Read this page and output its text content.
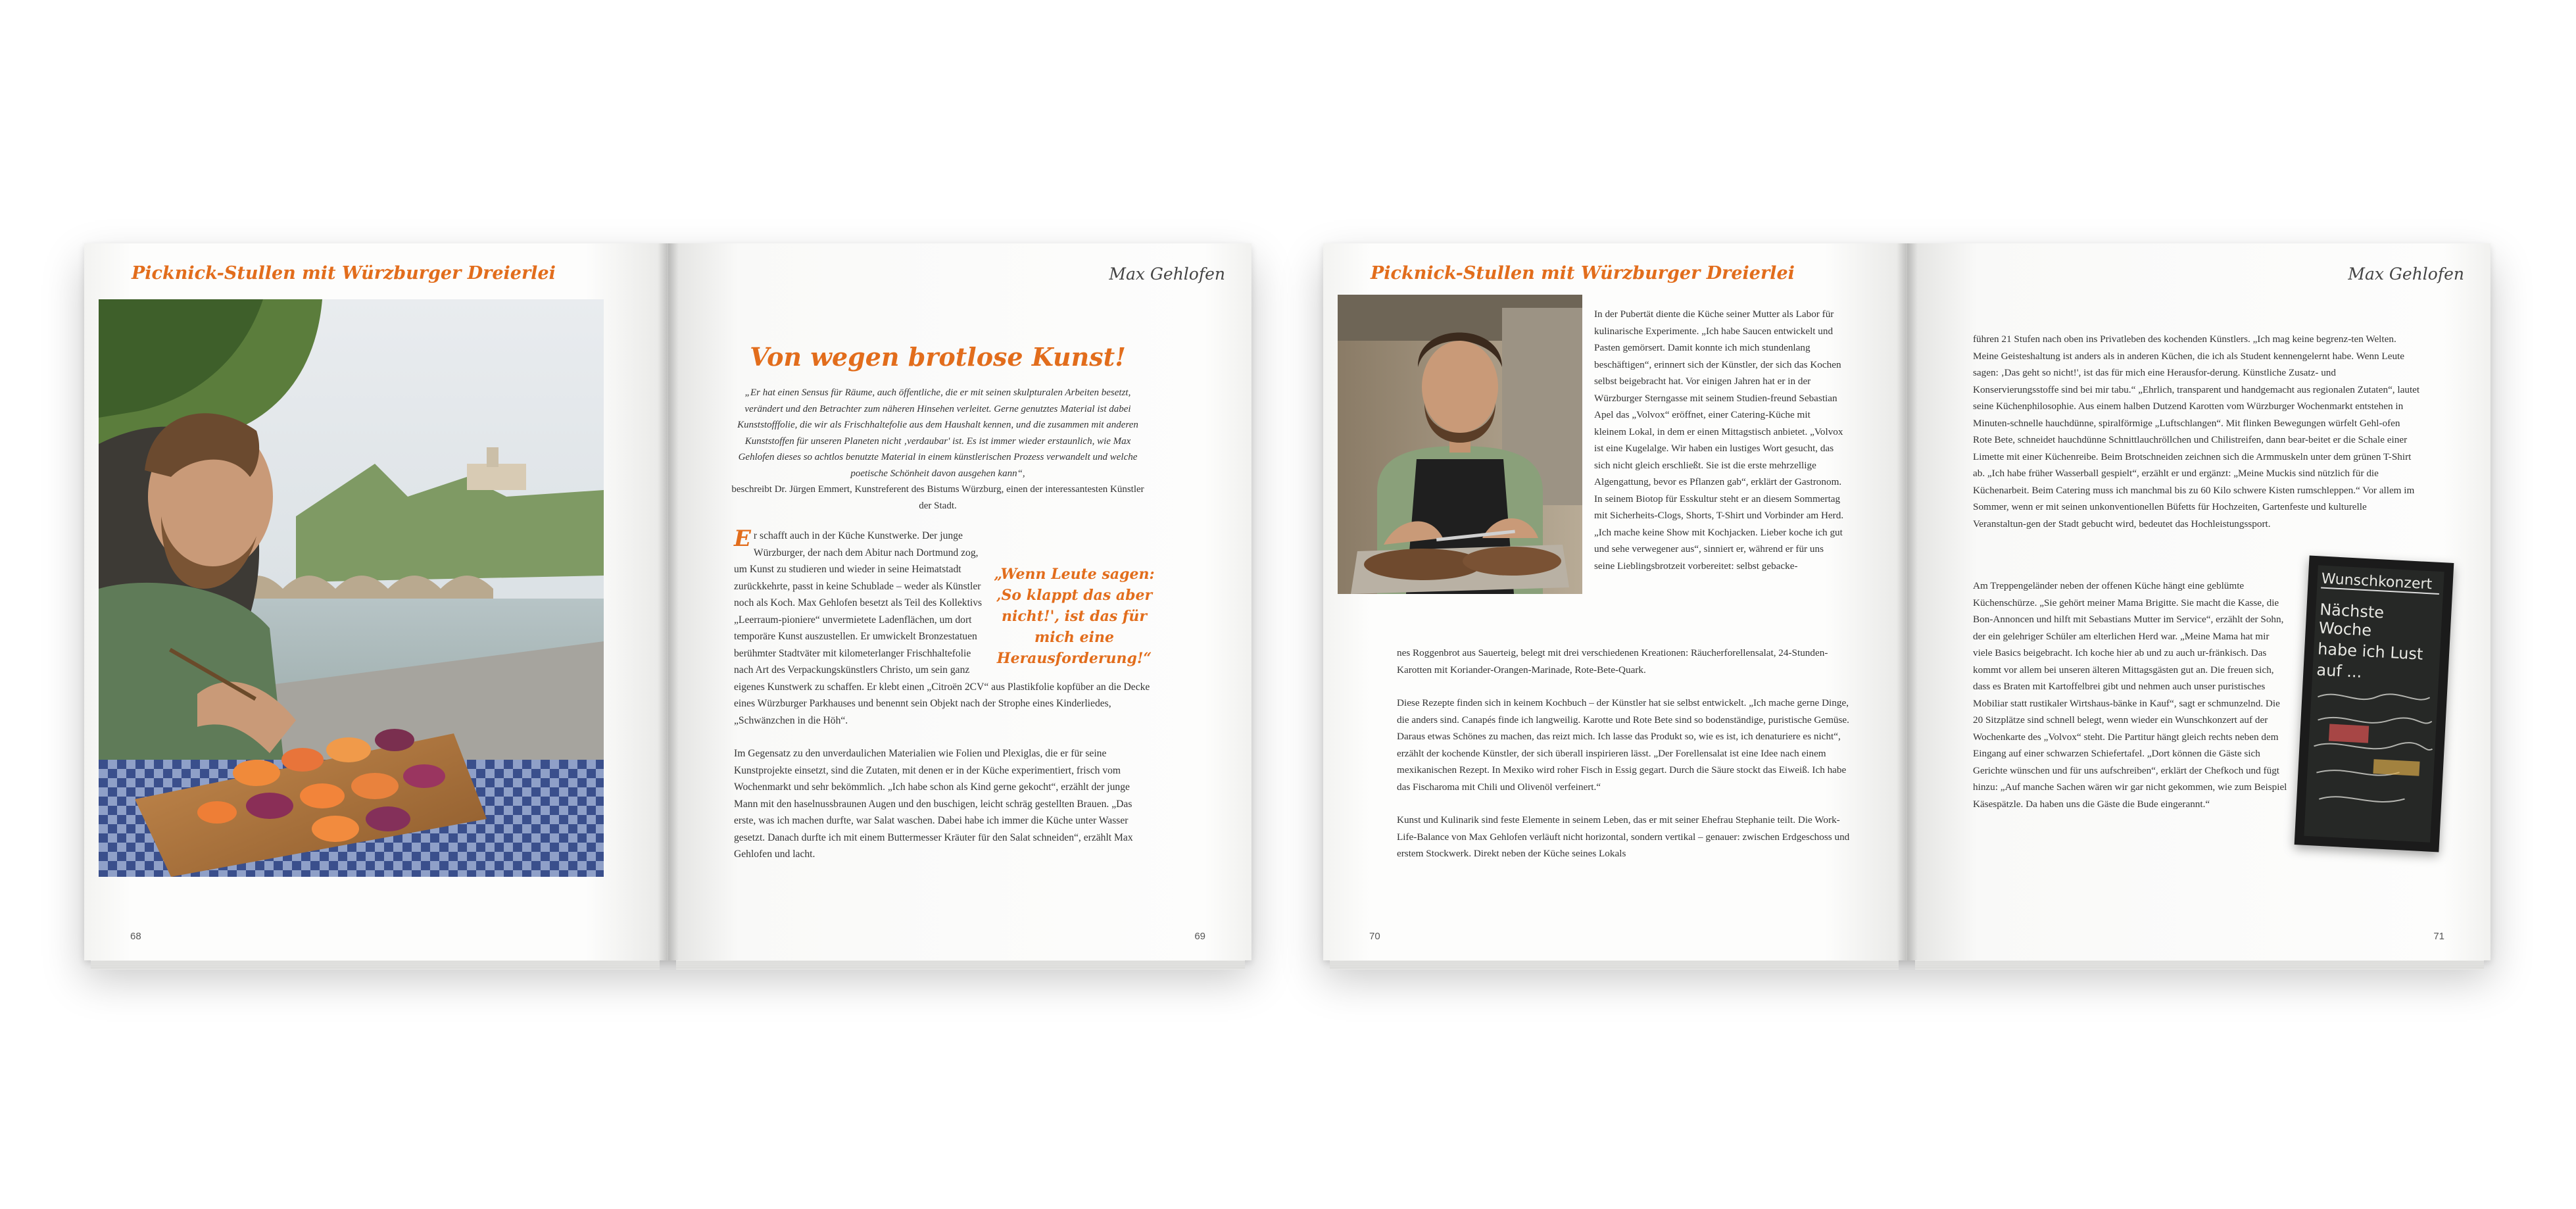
Picknick-Stullen mit Würzburger Dreierlei
68
Max Gehlofen
Von wegen brotlose Kunst!
„Er hat einen Sensus für Räume, auch öffentliche, die er mit seinen skulpturalen Arbeiten besetzt, verändert und den Betrachter zum näheren Hinsehen verleitet. Gerne genutztes Material ist dabei Kunststofffolie, die wir als Frischhaltefolie aus dem Haushalt kennen, und die zusammen mit anderen Kunststoffen für unseren Planeten nicht ‚verdaubar' ist. Es ist immer wieder erstaunlich, wie Max Gehlofen dieses so achtlos benutzte Material in einem künstlerischen Prozess verwandelt und welche poetische Schönheit davon ausgehen kann“,
beschreibt Dr. Jürgen Emmert, Kunstreferent des Bistums Würzburg, einen der interessantesten Künstler der Stadt.
„Wenn Leute sagen: ‚So klappt das aber nicht!', ist das für mich eine Herausforderung!“

Er schafft auch in der Küche Kunstwerke. Der junge Würzburger, der nach dem Abitur nach Dortmund zog, um Kunst zu studieren und wieder in seine Heimatstadt zurückkehrte, passt in keine Schublade – weder als Künstler noch als Koch. Max Gehlofen besetzt als Teil des Kollektivs „Leerraum-pioniere“ unvermietete Ladenflächen, um dort temporäre Kunst auszustellen. Er umwickelt Bronzestatuen berühmter Stadtväter mit kilometerlanger Frischhaltefolie nach Art des Verpackungskünstlers Christo, um sein ganz eigenes Kunstwerk zu schaffen. Er klebt einen „Citroën 2CV“ aus Plastikfolie kopfüber an die Decke eines Würzburger Parkhauses und benennt sein Objekt nach der Strophe eines Kinderliedes, „Schwänzchen in die Höh“.

Im Gegensatz zu den unverdaulichen Materialien wie Folien und Plexiglas, die er für seine Kunstprojekte einsetzt, sind die Zutaten, mit denen er in der Küche experimentiert, frisch vom Wochenmarkt und sehr bekömmlich. „Ich habe schon als Kind gerne gekocht“, erzählt der junge Mann mit den haselnussbraunen Augen und den buschigen, leicht schräg gestellten Brauen. „Das erste, was ich machen durfte, war Salat waschen. Dabei habe ich immer die Küche unter Wasser gesetzt. Danach durfte ich mit einem Buttermesser Kräuter für den Salat schneiden“, erzählt Max Gehlofen und lacht.

69
Picknick-Stullen mit Würzburger Dreierlei
In der Pubertät diente die Küche seiner Mutter als Labor für kulinarische Experimente. „Ich habe Saucen entwickelt und Pasten gemörsert. Damit konnte ich mich stundenlang beschäftigen“, erinnert sich der Künstler, der sich das Kochen selbst beigebracht hat. Vor einigen Jahren hat er in der Würzburger Sterngasse mit seinem Studien-freund Sebastian Apel das „Volvox“ eröffnet, einer Catering-Küche mit kleinem Lokal, in dem er einen Mittagstisch anbietet. „Volvox ist eine Kugelalge. Wir haben ein lustiges Wort gesucht, das sich nicht gleich erschließt. Sie ist die erste mehrzellige Algengattung, bevor es Pflanzen gab“, erklärt der Gastronom. In seinem Biotop für Esskultur steht er an diesem Sommertag mit Sicherheits-Clogs, Shorts, T-Shirt und Vorbinder am Herd. „Ich mache keine Show mit Kochjacken. Lieber koche ich gut und sehe verwegener aus“, sinniert er, während er für uns seine Lieblingsbrotzeit vorbereitet: selbst gebacke-

nes Roggenbrot aus Sauerteig, belegt mit drei verschiedenen Kreationen: Räucherforellensalat, 24-Stunden-Karotten mit Koriander-Orangen-Marinade, Rote-Bete-Quark.

Diese Rezepte finden sich in keinem Kochbuch – der Künstler hat sie selbst entwickelt. „Ich mache gerne Dinge, die anders sind. Canapés finde ich langweilig. Karotte und Rote Bete sind so bodenständige, puristische Gemüse. Daraus etwas Schönes zu machen, das reizt mich. Ich lasse das Produkt so, wie es ist, ich denaturiere es nicht“, erzählt der kochende Künstler, der sich überall inspirieren lässt. „Der Forellensalat ist eine Idee nach einem mexikanischen Rezept. In Mexiko wird roher Fisch in Essig gegart. Durch die Säure stockt das Eiweiß. Ich habe das Fischaroma mit Chili und Olivenöl verfeinert.“

Kunst und Kulinarik sind feste Elemente in seinem Leben, das er mit seiner Ehefrau Stephanie teilt. Die Work-Life-Balance von Max Gehlofen verläuft nicht horizontal, sondern vertikal – genauer: zwischen Erdgeschoss und erstem Stockwerk. Direkt neben der Küche seines Lokals

70
Max Gehlofen

führen 21 Stufen nach oben ins Privatleben des kochenden Künstlers. „Ich mag keine begrenz-ten Welten. Meine Geisteshaltung ist anders als in anderen Küchen, die ich als Student kennengelernt habe. Wenn Leute sagen: ‚Das geht so nicht!', ist das für mich eine Herausfor-derung. Künstliche Zusatz- und Konservierungsstoffe sind bei mir tabu.“ „Ehrlich, transparent und handgemacht aus regionalen Zutaten“, lautet seine Küchenphilosophie. Aus einem halben Dutzend Karotten vom Würzburger Wochenmarkt entstehen in Minuten-schnelle hauchdünne, spiralförmige „Luftschlangen“. Mit flinken Bewegungen würfelt Gehl-ofen Rote Bete, schneidet hauchdünne Schnittlauchröllchen und Chilistreifen, dann bear-beitet er die Schale einer Limette mit einer Küchenreibe. Beim Brotschneiden zeichnen sich die Armmuskeln unter dem grünen T-Shirt ab. „Ich habe früher Wasserball gespielt“, erzählt er und ergänzt: „Meine Muckis sind nützlich für die Küchenarbeit. Beim Catering muss ich manchmal bis zu 60 Kilo schwere Kisten rumschleppen.“ Vor allem im Sommer, wenn er mit seinen unkonventionellen Büfetts für Hochzeiten, Gartenfeste und kulturelle Veranstaltun-gen der Stadt gebucht wird, bedeutet das Hochleistungssport.

Am Treppengeländer neben der offenen Küche hängt eine geblümte Küchenschürze. „Sie gehört meiner Mama Brigitte. Sie macht die Kasse, die Bon-Annoncen und hilft mit Sebastians Mutter im Service“, erzählt der Sohn, der ein gelehriger Schüler am elterlichen Herd war. „Meine Mama hat mir viele Basics beigebracht. Ich koche hier ab und zu auch ur-fränkisch. Das kommt vor allem bei unseren älteren Mittagsgästen gut an. Die freuen sich, dass es Braten mit Kartoffelbrei gibt und nehmen auch unser puristisches Mobiliar statt rustikaler Wirtshaus-bänke in Kauf“, sagt er schmunzelnd. Die 20 Sitzplätze sind schnell belegt, wenn wieder ein Wunschkonzert auf der Wochenkarte des „Volvox“ steht. Die Partitur hängt gleich rechts neben dem Eingang auf einer schwarzen Schiefertafel. „Dort können die Gäste sich Gerichte wünschen und für uns aufschreiben“, erklärt der Chefkoch und fügt hinzu: „Auf manche Sachen wären wir gar nicht gekommen, wie zum Beispiel Käsespätzle. Da haben uns die Gäste die Bude eingerannt.“
Wunschkonzert
Nächste Woche
habe ich Lust
auf ...
71
